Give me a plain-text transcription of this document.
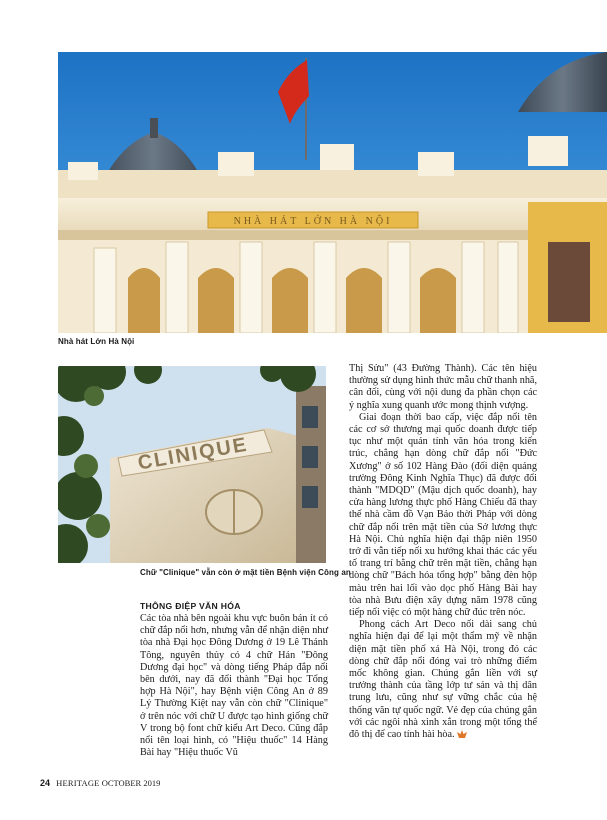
NHÀ HÁT LỚN HÀ NỘI
Nhà hát Lớn Hà Nội
CLINIQUE
Chữ "Clinique" vẫn còn ở mặt tiền Bệnh viện Công an
THÔNG ĐIỆP VĂN HÓA

Các tòa nhà bên ngoài khu vực buôn bán ít có chữ đắp nổi hơn, nhưng vẫn để nhận diện như tòa nhà Đại học Đông Dương ở 19 Lê Thánh Tông, nguyên thủy có 4 chữ Hán "Đông Dương đại học" và dòng tiếng Pháp đắp nổi bên dưới, nay đã đổi thành "Đại học Tổng hợp Hà Nội", hay Bệnh viện Công An ở 89 Lý Thường Kiệt nay vẫn còn chữ "Clinique" ở trên nóc với chữ U được tạo hình giống chữ V trong bộ font chữ kiểu Art Deco. Cũng đắp nổi tên loại hình, có "Hiệu thuốc" 14 Hàng Bài hay "Hiệu thuốc Vũ

Thị Sửu" (43 Đường Thành). Các tên hiệu thường sử dụng hình thức mẫu chữ thanh nhã, cân đối, cùng với nội dung đa phần chọn các ý nghĩa xung quanh ước mong thịnh vượng.

Giai đoạn thời bao cấp, việc đắp nổi tên các cơ sở thương mại quốc doanh được tiếp tục như một quán tính văn hóa trong kiến trúc, chẳng hạn dòng chữ đắp nổi "Đức Xương" ở số 102 Hàng Đào (đối diện quảng trường Đông Kinh Nghĩa Thục) đã được đổi thành "MDQD" (Mậu dịch quốc doanh), hay cửa hàng lương thực phố Hàng Chiếu đã thay thế nhà cầm đồ Vạn Bảo thời Pháp với dòng chữ đắp nổi trên mặt tiền của Sở lương thực Hà Nội. Chủ nghĩa hiện đại thập niên 1950 trở đi vẫn tiếp nối xu hướng khai thác các yếu tố trang trí bằng chữ trên mặt tiền, chẳng hạn dòng chữ "Bách hóa tổng hợp" bằng đèn hộp màu trên hai lối vào dọc phố Hàng Bài hay tòa nhà Bưu điện xây dựng năm 1978 cũng tiếp nối việc có một hàng chữ đúc trên nóc.

Phong cách Art Deco nối dài sang chủ nghĩa hiện đại để lại một thẩm mỹ về nhận diện mặt tiền phố xá Hà Nội, trong đó các dòng chữ đắp nổi đóng vai trò những điểm mốc không gian. Chúng gắn liền với sự trưởng thành của tầng lớp tư sản và thị dân trung lưu, cũng như sự vững chắc của hệ thống văn tự quốc ngữ. Vẻ đẹp của chúng gắn với các ngôi nhà xinh xắn trong một tổng thể đô thị để cao tính hài hòa.

24 HERITAGE OCTOBER 2019
